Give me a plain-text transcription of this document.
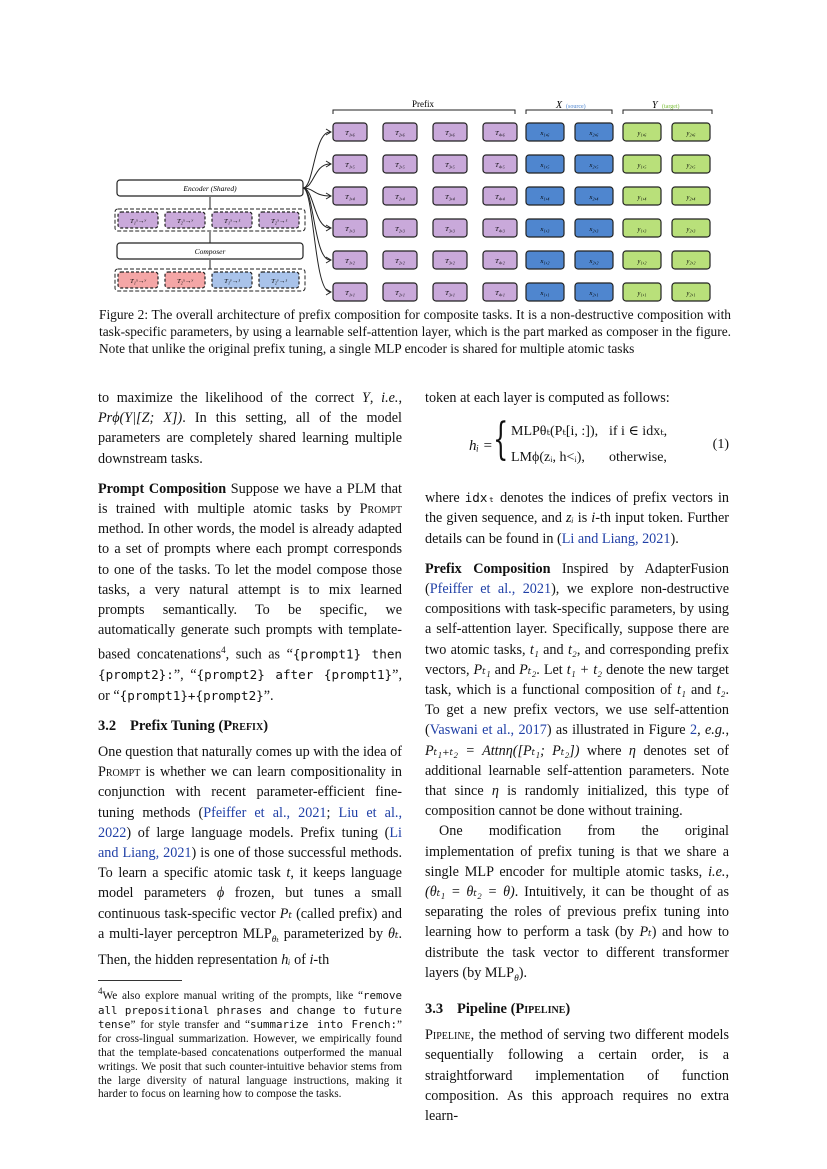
Prefix	X (source)	Y (target)
T₁,₆	T₂,₆	T₃,₆	T₄,₆	x₁,₆	x₂,₆	y₁,₆	y₂,₆
T₁,₅	T₂,₅	T₃,₅	T₄,₅	x₁,₅	x₂,₅	y₁,₅	y₂,₅
T₁,₄	T₂,₄	T₃,₄	T₄,₄	x₁,₄	x₂,₄	y₁,₄	y₂,₄
T₁,₃	T₂,₃	T₃,₃	T₄,₃	x₁,₃	x₂,₃	y₁,₃	y₂,₃
T₁,₂	T₂,₂	T₃,₂	T₄,₂	x₁,₂	x₂,₂	y₁,₂	y₂,₂
T₁,₁	T₂,₁	T₃,₁	T₄,₁	x₁,₁	x₂,₁	y₁,₁	y₂,₁
Encoder (Shared)
T₁ˣ→ʸ	T₂ˣ→ʸ	T₁ˣ→ᶻ	T₂ˣ→ᶻ
Composer
T₁ˣ→ʸ	T₂ˣ→ʸ	T₁ʸ→ᶻ	T₂ʸ→ᶻ
Figure 2: The overall architecture of prefix composition for composite tasks. It is a non-destructive composition with task-specific parameters, by using a learnable self-attention layer, which is the part marked as composer in the figure. Note that unlike the original prefix tuning, a single MLP encoder is shared for multiple atomic tasks

to maximize the likelihood of the correct Y, i.e., Prϕ(Y|[Z; X]). In this setting, all of the model parameters are completely shared learning multiple downstream tasks.

Prompt Composition Suppose we have a PLM that is trained with multiple atomic tasks by Prompt method. In other words, the model is already adapted to a set of prompts where each prompt corresponds to one of the tasks. To let the model compose those tasks, a very natural attempt is to mix learned prompts semantically. To be specific, we automatically generate such prompts with template-based concatenations$^4$, such as “{prompt1} then {prompt2}:”, “{prompt2} after {prompt1}”, or “{prompt1}+{prompt2}”.

3.2 Prefix Tuning (Prefix)

One question that naturally comes up with the idea of Prompt is whether we can learn compositionality in conjunction with recent parameter-efficient fine-tuning methods (Pfeiffer et al., 2021; Liu et al., 2022) of large language models. Prefix tuning (Li and Liang, 2021) is one of those successful methods. To learn a specific atomic task t, it keeps language model parameters ϕ frozen, but tunes a small continuous task-specific vector Pₜ (called prefix) and a multi-layer perceptron $MLP_{\theta_t}$ parameterized by θₜ. Then, the hidden representation hᵢ of i-th

$^4$We also explore manual writing of the prompts, like “remove all prepositional phrases and change to future tense” for style transfer and “summarize into French:” for cross-lingual summarization. However, we empirically found that the template-based concatenations outperformed the manual writings. We posit that such counter-intuitive behavior stems from the large diversity of natural language instructions, making it harder to focus on learning how to compose the tasks.

token at each layer is computed as follows:

hᵢ = { MLPθₜ(Pₜ[i, :]), if i ∈ idxₜ,
LMϕ(zᵢ, h<ᵢ), otherwise,
(1)

where idxₜ denotes the indices of prefix vectors in the given sequence, and zᵢ is i-th input token. Further details can be found in (Li and Liang, 2021).

Prefix Composition Inspired by AdapterFusion (Pfeiffer et al., 2021), we explore non-destructive compositions with task-specific parameters, by using a self-attention layer. Specifically, suppose there are two atomic tasks, t₁ and t₂, and corresponding prefix vectors, Pₜ₁ and Pₜ₂. Let t₁ + t₂ denote the new target task, which is a functional composition of t₁ and t₂. To get a new prefix vectors, we use self-attention (Vaswani et al., 2017) as illustrated in Figure 2, e.g., Pₜ₁₊ₜ₂ = Attnη([Pₜ₁; Pₜ₂]) where η denotes set of additional learnable self-attention parameters. Note that since η is randomly initialized, this type of composition cannot be done without training.

One modification from the original implementation of prefix tuning is that we share a single MLP encoder for multiple atomic tasks, i.e., (θₜ₁ = θₜ₂ = θ). Intuitively, it can be thought of as separating the roles of previous prefix tuning into learning how to perform a task (by Pₜ) and how to distribute the task vector to different transformer layers (by $MLP_\theta$).

3.3 Pipeline (Pipeline)

Pipeline, the method of serving two different models sequentially following a certain order, is a straightforward implementation of function composition. As this approach requires no extra learn-
